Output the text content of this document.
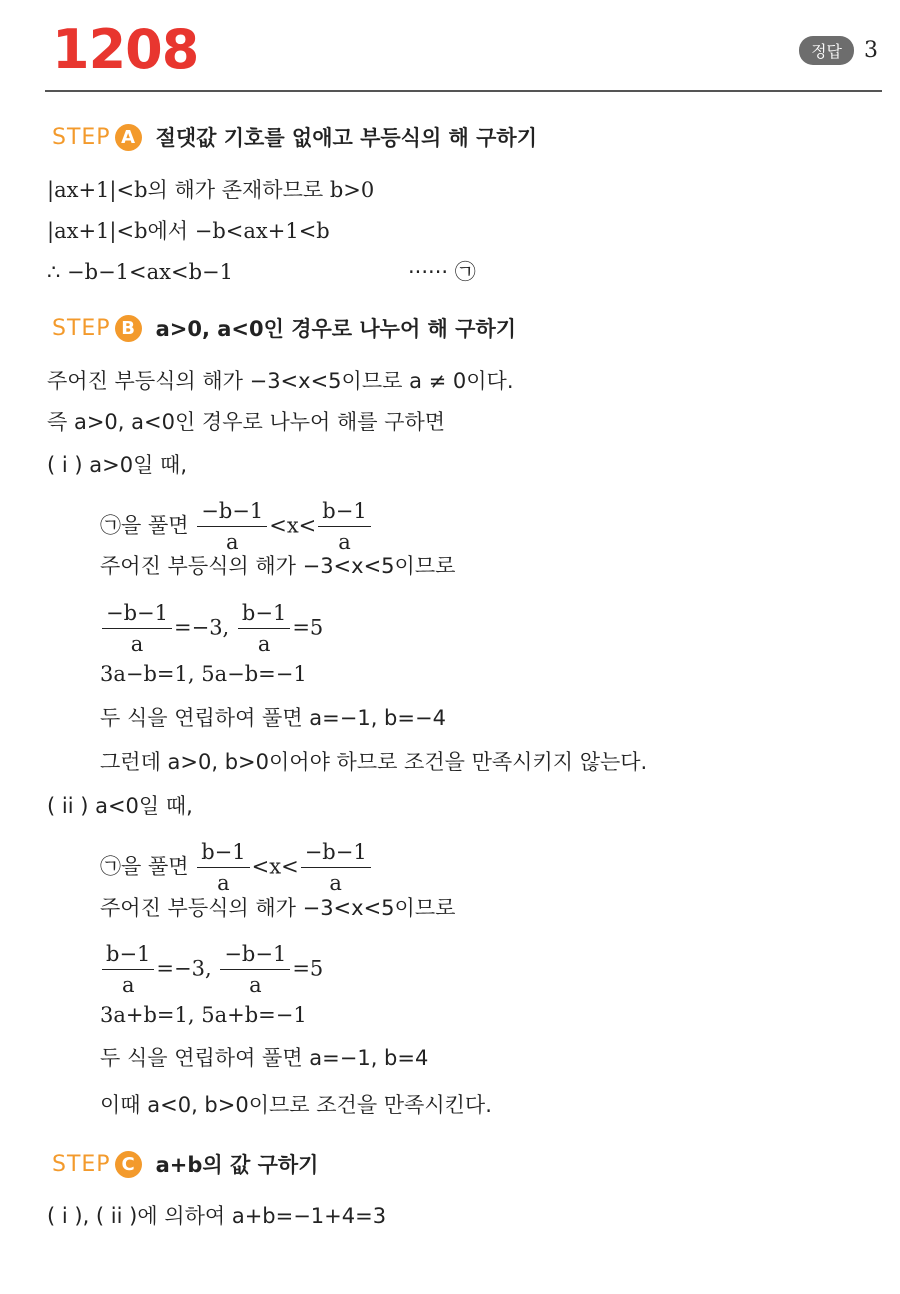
1208	정답	3
STEP A 절댓값 기호를 없애고 부등식의 해 구하기
|ax+1|<b의 해가 존재하므로 b>0
|ax+1|<b에서 −b<ax+1<b
∴ −b−1<ax<b−1	······ ㉠
STEP B a>0, a<0인 경우로 나누어 해 구하기
주어진 부등식의 해가 −3<x<5이므로 a ≠ 0이다.
즉 a>0, a<0인 경우로 나누어 해를 구하면
( i ) a>0일 때,
㉠을 풀면 $\frac{-b-1}{a} <x< \frac{b-1}{a}$
주어진 부등식의 해가 −3<x<5이므로
$\frac{-b-1}{a} =-3$, $\frac{b-1}{a} =5$
3a−b=1, 5a−b=−1
두 식을 연립하여 풀면 a=−1, b=−4
그런데 a>0, b>0이어야 하므로 조건을 만족시키지 않는다.
( ii ) a<0일 때,
㉠을 풀면 $\frac{b-1}{a} <x< \frac{-b-1}{a}$
주어진 부등식의 해가 −3<x<5이므로
$\frac{b-1}{a} =-3$, $\frac{-b-1}{a} =5$
3a+b=1, 5a+b=−1
두 식을 연립하여 풀면 a=−1, b=4
이때 a<0, b>0이므로 조건을 만족시킨다.
STEP C a+b의 값 구하기
( i ), ( ii )에 의하여 a+b=−1+4=3
